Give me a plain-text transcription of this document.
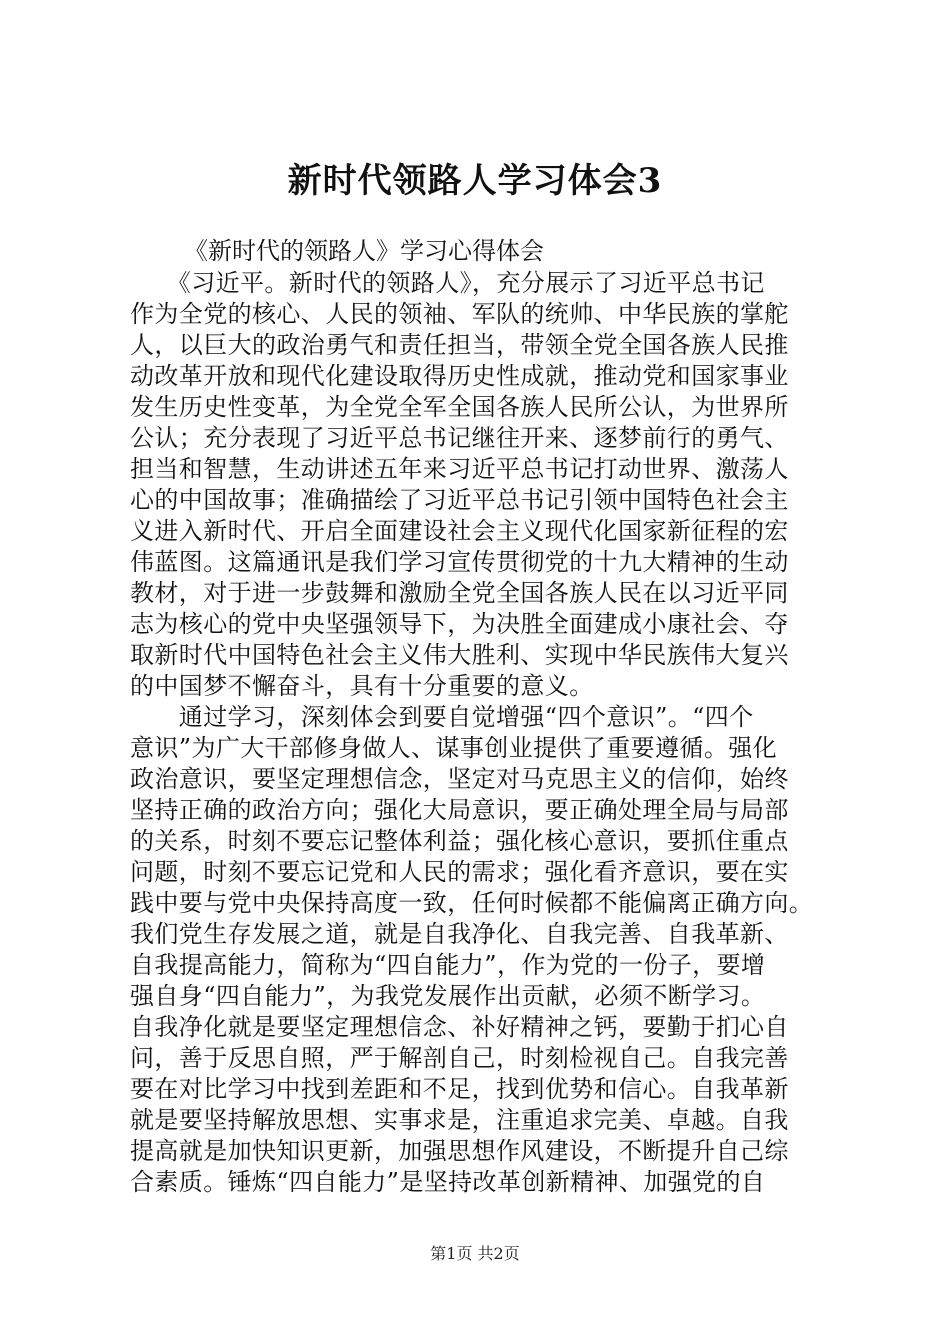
新时代领路人学习体会3

《新时代的领路人》学习心得体会

　　《习近平。新时代的领路人》，充分展示了习近平总书记
作为全党的核心、人民的领袖、军队的统帅、中华民族的掌舵
人，以巨大的政治勇气和责任担当，带领全党全国各族人民推
动改革开放和现代化建设取得历史性成就，推动党和国家事业
发生历史性变革，为全党全军全国各族人民所公认，为世界所
公认；充分表现了习近平总书记继往开来、逐梦前行的勇气、
担当和智慧，生动讲述五年来习近平总书记打动世界、激荡人
心的中国故事；准确描绘了习近平总书记引领中国特色社会主
义进入新时代、开启全面建设社会主义现代化国家新征程的宏
伟蓝图。这篇通讯是我们学习宣传贯彻党的十九大精神的生动
教材，对于进一步鼓舞和激励全党全国各族人民在以习近平同
志为核心的党中央坚强领导下，为决胜全面建成小康社会、夺
取新时代中国特色社会主义伟大胜利、实现中华民族伟大复兴
的中国梦不懈奋斗，具有十分重要的意义。
　　通过学习，深刻体会到要自觉增强“四个意识”。“四个
意识”为广大干部修身做人、谋事创业提供了重要遵循。强化
政治意识，要坚定理想信念，坚定对马克思主义的信仰，始终
坚持正确的政治方向；强化大局意识，要正确处理全局与局部
的关系，时刻不要忘记整体利益；强化核心意识，要抓住重点
问题，时刻不要忘记党和人民的需求；强化看齐意识，要在实
践中要与党中央保持高度一致，任何时候都不能偏离正确方向。
我们党生存发展之道，就是自我净化、自我完善、自我革新、
自我提高能力，简称为“四自能力”，作为党的一份子，要增
强自身“四自能力”，为我党发展作出贡献，必须不断学习。
自我净化就是要坚定理想信念、补好精神之钙，要勤于扪心自
问，善于反思自照，严于解剖自己，时刻检视自己。自我完善
要在对比学习中找到差距和不足，找到优势和信心。自我革新
就是要坚持解放思想、实事求是，注重追求完美、卓越。自我
提高就是加快知识更新，加强思想作风建设，不断提升自己综
合素质。锤炼“四自能力”是坚持改革创新精神、加强党的自
第1页 共2页
